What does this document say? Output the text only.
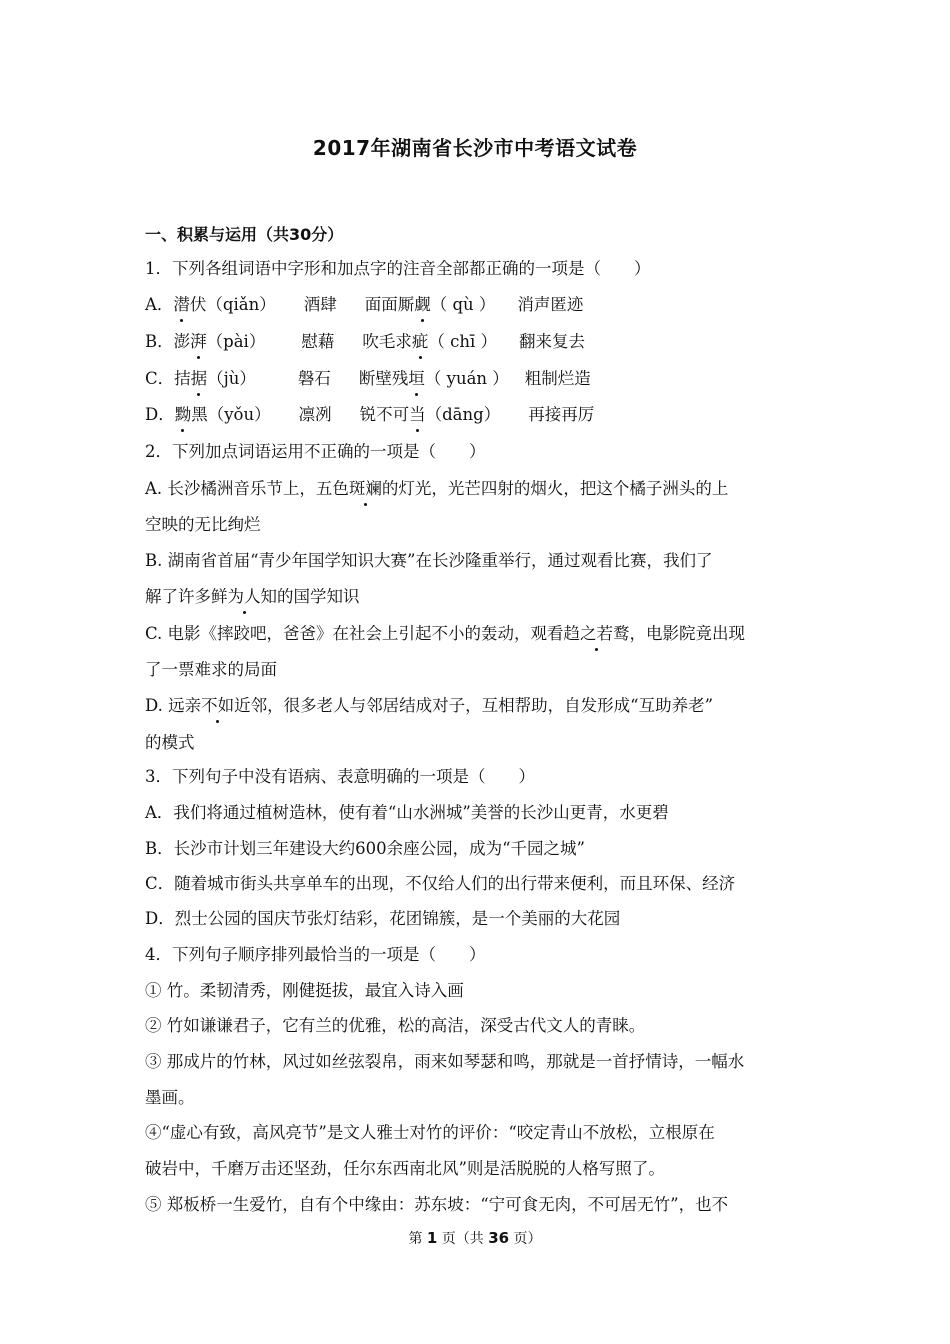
2017年湖南省长沙市中考语文试卷
一、积累与运用（共30分）
1．下列各组词语中字形和加点字的注音全部都正确的一项是（　　）
A．潜伏（qiǎn） 酒肆 面面厮觑（ qù ） 消声匿迹
B．澎湃（pài） 慰藉 吹毛求疵（ chī ） 翻来复去
C．拮据（jù）	磐石 断壁残垣（ yuán ） 粗制烂造
D．黝黑（yǒu） 凛冽 锐不可当（dāng） 再接再厉
2．下列加点词语运用不正确的一项是（　　）
A. 长沙橘洲音乐节上，五色斑斓的灯光，光芒四射的烟火，把这个橘子洲头的上
空映的无比绚烂
B. 湖南省首届“青少年国学知识大赛”在长沙隆重举行，通过观看比赛，我们了
解了许多鲜为人知的国学知识
C. 电影《摔跤吧，爸爸》在社会上引起不小的轰动，观看趋之若鹜，电影院竟出现
了一票难求的局面
D. 远亲不如近邻，很多老人与邻居结成对子，互相帮助，自发形成“互助养老”
的模式
3．下列句子中没有语病、表意明确的一项是（　　）
A．我们将通过植树造林，使有着“山水洲城”美誉的长沙山更青，水更碧
B．长沙市计划三年建设大约600余座公园，成为“千园之城”
C．随着城市街头共享单车的出现，不仅给人们的出行带来便利，而且环保、经济
D．烈士公园的国庆节张灯结彩，花团锦簇，是一个美丽的大花园
4．下列句子顺序排列最恰当的一项是（　　）
① 竹。柔韧清秀，刚健挺拔，最宜入诗入画
② 竹如谦谦君子，它有兰的优雅，松的高洁，深受古代文人的青睐。
③ 那成片的竹林，风过如丝弦裂帛，雨来如琴瑟和鸣，那就是一首抒情诗，一幅水
墨画。
④“虚心有致，高风亮节”是文人雅士对竹的评价：“咬定青山不放松，立根原在
破岩中，千磨万击还坚劲，任尔东西南北风”则是活脱脱的人格写照了。
⑤ 郑板桥一生爱竹，自有个中缘由：苏东坡：“宁可食无肉，不可居无竹”，也不
第 1 页（共 36 页）
